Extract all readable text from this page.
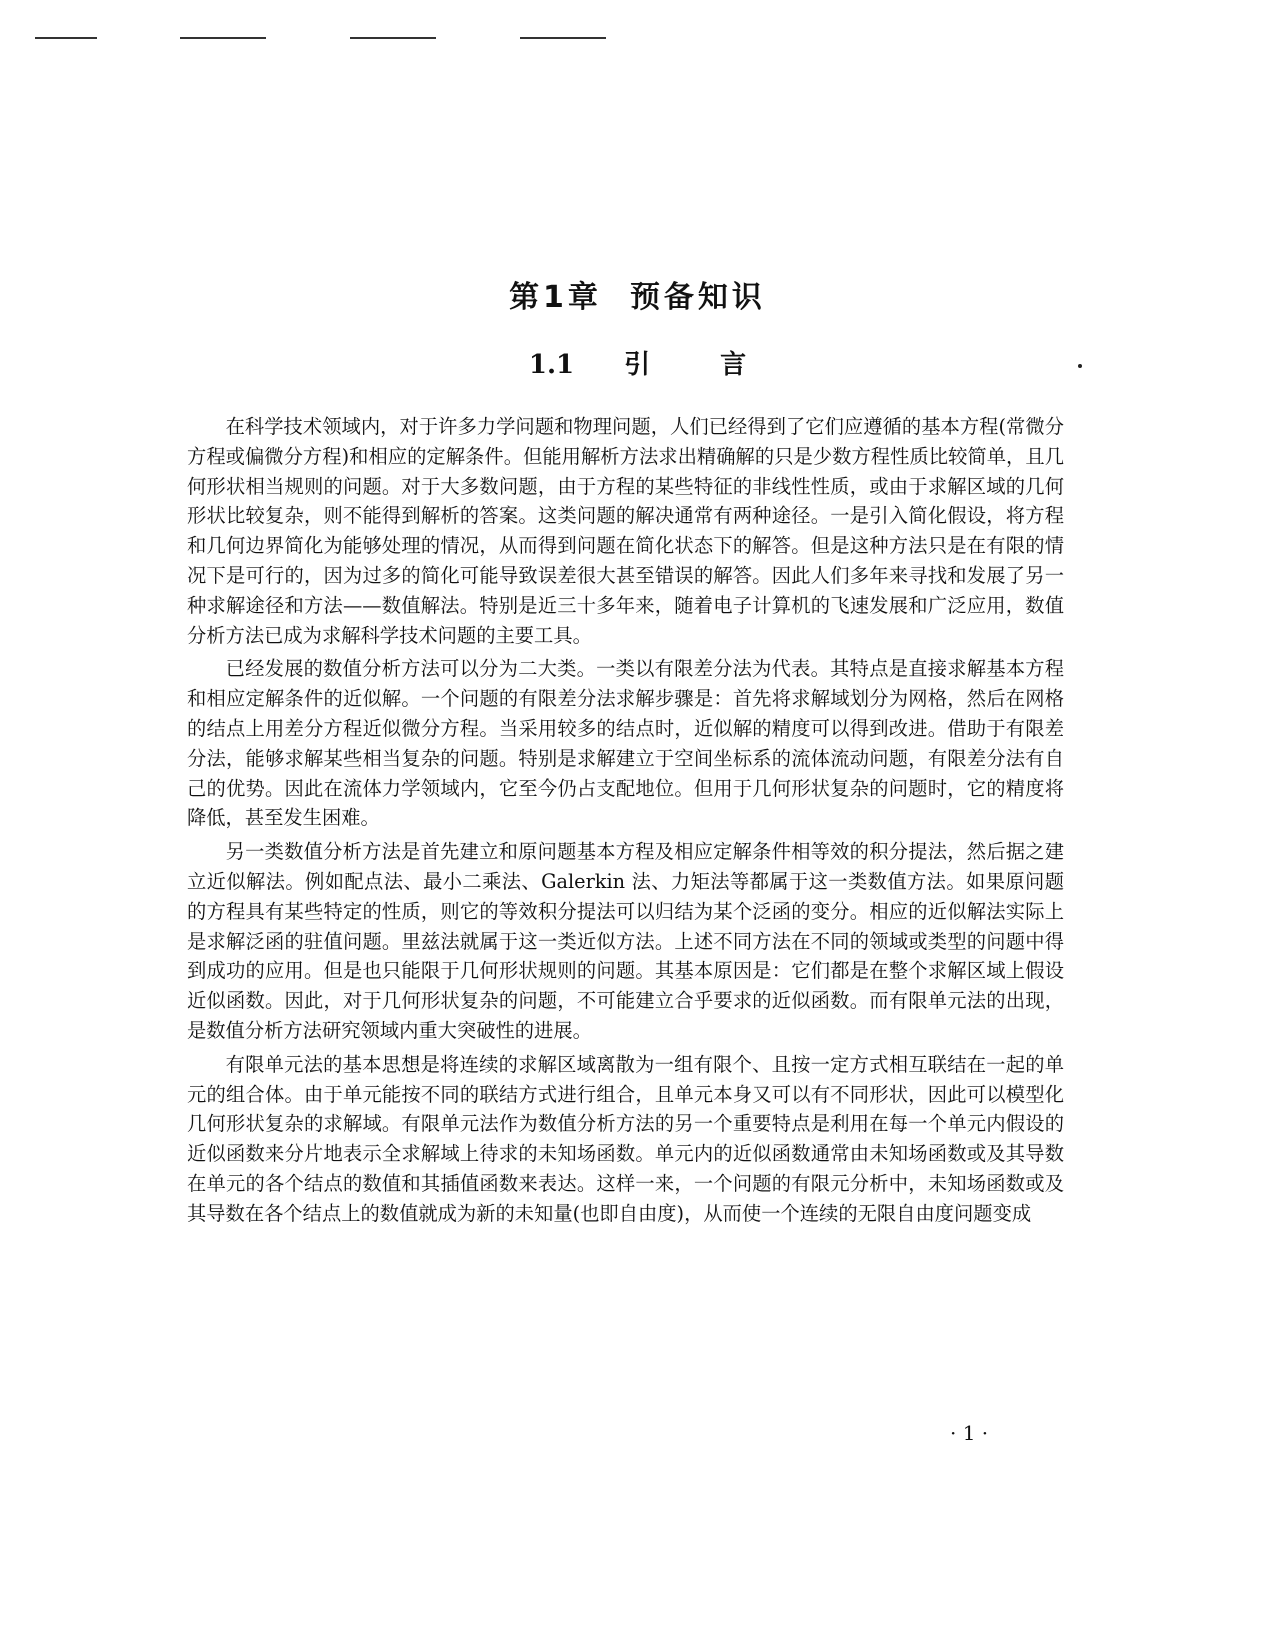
第1章 预备知识
1.1 引	言

在科学技术领域内，对于许多力学问题和物理问题，人们已经得到了它们应遵循的基本方程(常微分方程或偏微分方程)和相应的定解条件。但能用解析方法求出精确解的只是少数方程性质比较简单，且几何形状相当规则的问题。对于大多数问题，由于方程的某些特征的非线性性质，或由于求解区域的几何形状比较复杂，则不能得到解析的答案。这类问题的解决通常有两种途径。一是引入简化假设，将方程和几何边界简化为能够处理的情况，从而得到问题在简化状态下的解答。但是这种方法只是在有限的情况下是可行的，因为过多的简化可能导致误差很大甚至错误的解答。因此人们多年来寻找和发展了另一种求解途径和方法——数值解法。特别是近三十多年来，随着电子计算机的飞速发展和广泛应用，数值分析方法已成为求解科学技术问题的主要工具。

已经发展的数值分析方法可以分为二大类。一类以有限差分法为代表。其特点是直接求解基本方程和相应定解条件的近似解。一个问题的有限差分法求解步骤是：首先将求解域划分为网格，然后在网格的结点上用差分方程近似微分方程。当采用较多的结点时，近似解的精度可以得到改进。借助于有限差分法，能够求解某些相当复杂的问题。特别是求解建立于空间坐标系的流体流动问题，有限差分法有自己的优势。因此在流体力学领域内，它至今仍占支配地位。但用于几何形状复杂的问题时，它的精度将降低，甚至发生困难。

另一类数值分析方法是首先建立和原问题基本方程及相应定解条件相等效的积分提法，然后据之建立近似解法。例如配点法、最小二乘法、Galerkin 法、力矩法等都属于这一类数值方法。如果原问题的方程具有某些特定的性质，则它的等效积分提法可以归结为某个泛函的变分。相应的近似解法实际上是求解泛函的驻值问题。里兹法就属于这一类近似方法。上述不同方法在不同的领域或类型的问题中得到成功的应用。但是也只能限于几何形状规则的问题。其基本原因是：它们都是在整个求解区域上假设近似函数。因此，对于几何形状复杂的问题，不可能建立合乎要求的近似函数。而有限单元法的出现，是数值分析方法研究领域内重大突破性的进展。

有限单元法的基本思想是将连续的求解区域离散为一组有限个、且按一定方式相互联结在一起的单元的组合体。由于单元能按不同的联结方式进行组合，且单元本身又可以有不同形状，因此可以模型化几何形状复杂的求解域。有限单元法作为数值分析方法的另一个重要特点是利用在每一个单元内假设的近似函数来分片地表示全求解域上待求的未知场函数。单元内的近似函数通常由未知场函数或及其导数在单元的各个结点的数值和其插值函数来表达。这样一来，一个问题的有限元分析中，未知场函数或及其导数在各个结点上的数值就成为新的未知量(也即自由度)，从而使一个连续的无限自由度问题变成

· 1 ·
